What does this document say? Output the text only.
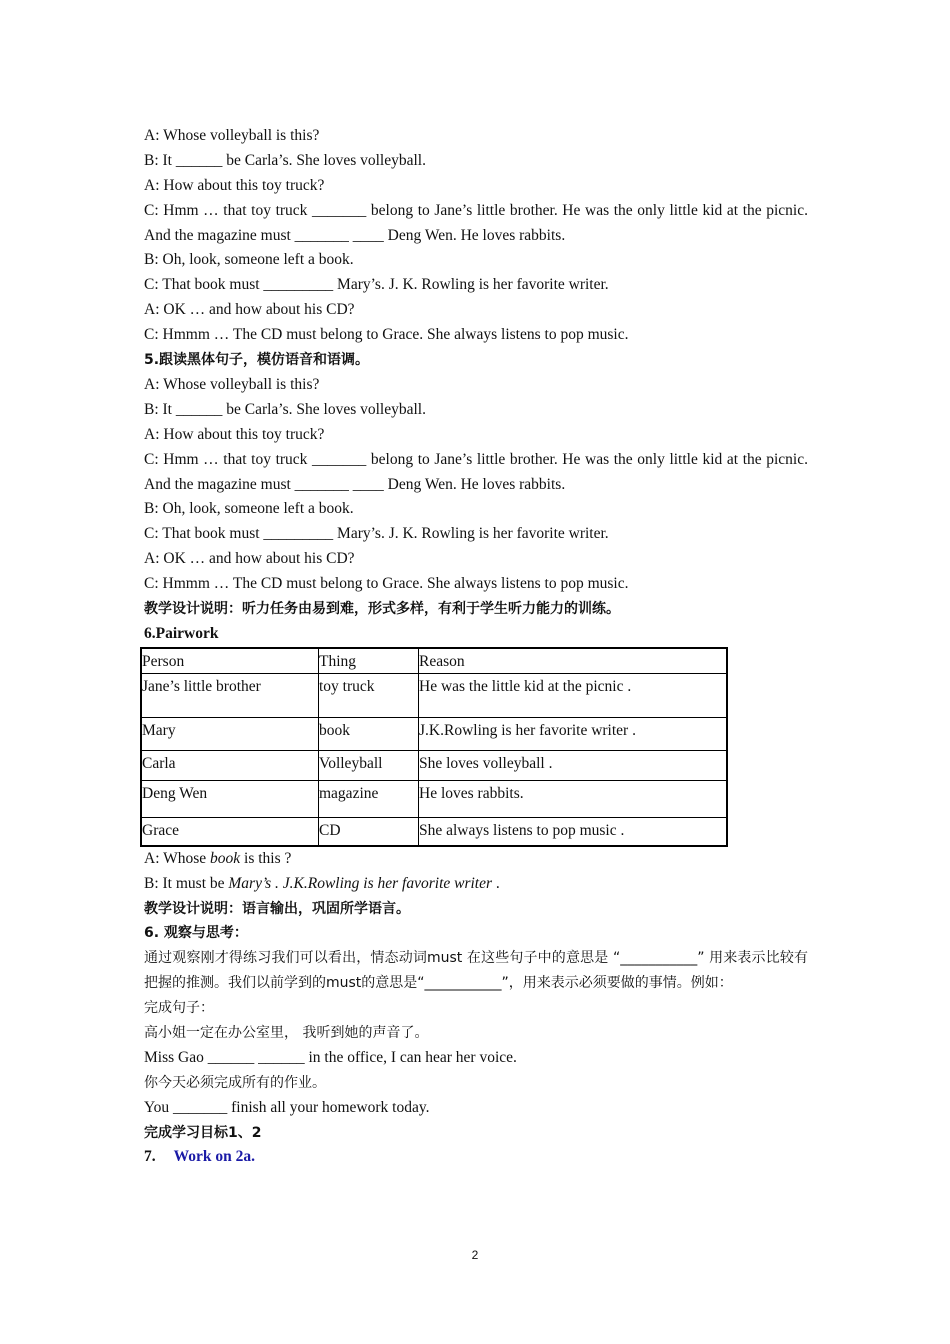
A: Whose volleyball is this?
B: It ______ be Carla’s. She loves volleyball.
A: How about this toy truck?
C: Hmm … that toy truck _______ belong to Jane’s little brother. He was the only little kid at the picnic. And the magazine must _______ ____ Deng Wen. He loves rabbits.
B: Oh, look, someone left a book.
C: That book must _________ Mary’s. J. K. Rowling is her favorite writer.
A: OK … and how about his CD?
C: Hmmm … The CD must belong to Grace. She always listens to pop music.
5.跟读黑体句子，模仿语音和语调。
A: Whose volleyball is this?
B: It ______ be Carla’s. She loves volleyball.
A: How about this toy truck?
C: Hmm … that toy truck _______ belong to Jane’s little brother. He was the only little kid at the picnic. And the magazine must _______ ____ Deng Wen. He loves rabbits.
B: Oh, look, someone left a book.
C: That book must _________ Mary’s. J. K. Rowling is her favorite writer.
A: OK … and how about his CD?
C: Hmmm … The CD must belong to Grace. She always listens to pop music.
教学设计说明：听力任务由易到难，形式多样，有利于学生听力能力的训练。
6.Pairwork
Person	Thing	Reason
Jane’s little brother	toy truck	He was the little kid at the picnic .
Mary	book	J.K.Rowling is her favorite writer .
Carla	Volleyball	She loves volleyball .
Deng Wen	magazine	He loves rabbits.
Grace	CD	She always listens to pop music .
A: Whose book is this ?
B: It must be Mary’s . J.K.Rowling is her favorite writer .
教学设计说明：语言输出，巩固所学语言。
6. 观察与思考：
通过观察刚才得练习我们可以看出，情态动词must 在这些句子中的意思是 “___________” 用来表示比较有把握的推测。我们以前学到的must的意思是“___________”，用来表示必须要做的事情。例如：
完成句子：
高小姐一定在办公室里， 我听到她的声音了。
Miss Gao ______ ______ in the office, I can hear her voice.
你今天必须完成所有的作业。
You _______ finish all your homework today.
完成学习目标1、2
7. Work on 2a.
2
